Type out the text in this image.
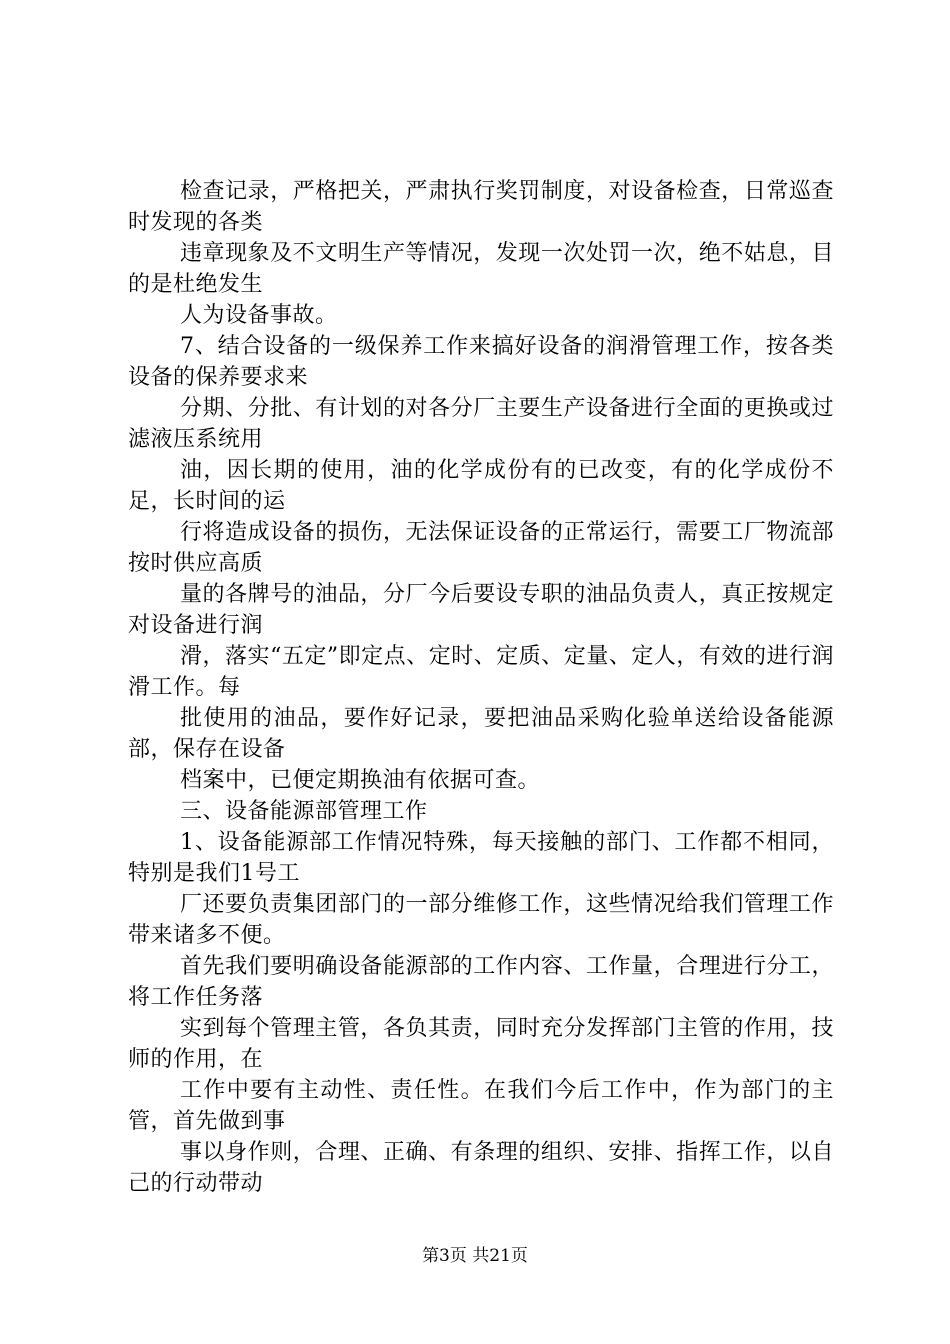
检查记录，严格把关，严肃执行奖罚制度，对设备检查，日常巡查时发现的各类

违章现象及不文明生产等情况，发现一次处罚一次，绝不姑息，目的是杜绝发生

人为设备事故。

7、结合设备的一级保养工作来搞好设备的润滑管理工作，按各类设备的保养要求来

分期、分批、有计划的对各分厂主要生产设备进行全面的更换或过滤液压系统用

油，因长期的使用，油的化学成份有的已改变，有的化学成份不足，长时间的运

行将造成设备的损伤，无法保证设备的正常运行，需要工厂物流部按时供应高质

量的各牌号的油品，分厂今后要设专职的油品负责人，真正按规定对设备进行润

滑，落实“五定”即定点、定时、定质、定量、定人，有效的进行润滑工作。每

批使用的油品，要作好记录，要把油品采购化验单送给设备能源部，保存在设备

档案中，已便定期换油有依据可查。

三、设备能源部管理工作

1、设备能源部工作情况特殊，每天接触的部门、工作都不相同，特别是我们1号工

厂还要负责集团部门的一部分维修工作，这些情况给我们管理工作带来诸多不便。

首先我们要明确设备能源部的工作内容、工作量，合理进行分工，将工作任务落

实到每个管理主管，各负其责，同时充分发挥部门主管的作用，技师的作用，在

工作中要有主动性、责任性。在我们今后工作中，作为部门的主管，首先做到事

事以身作则，合理、正确、有条理的组织、安排、指挥工作，以自己的行动带动

第3页 共21页
